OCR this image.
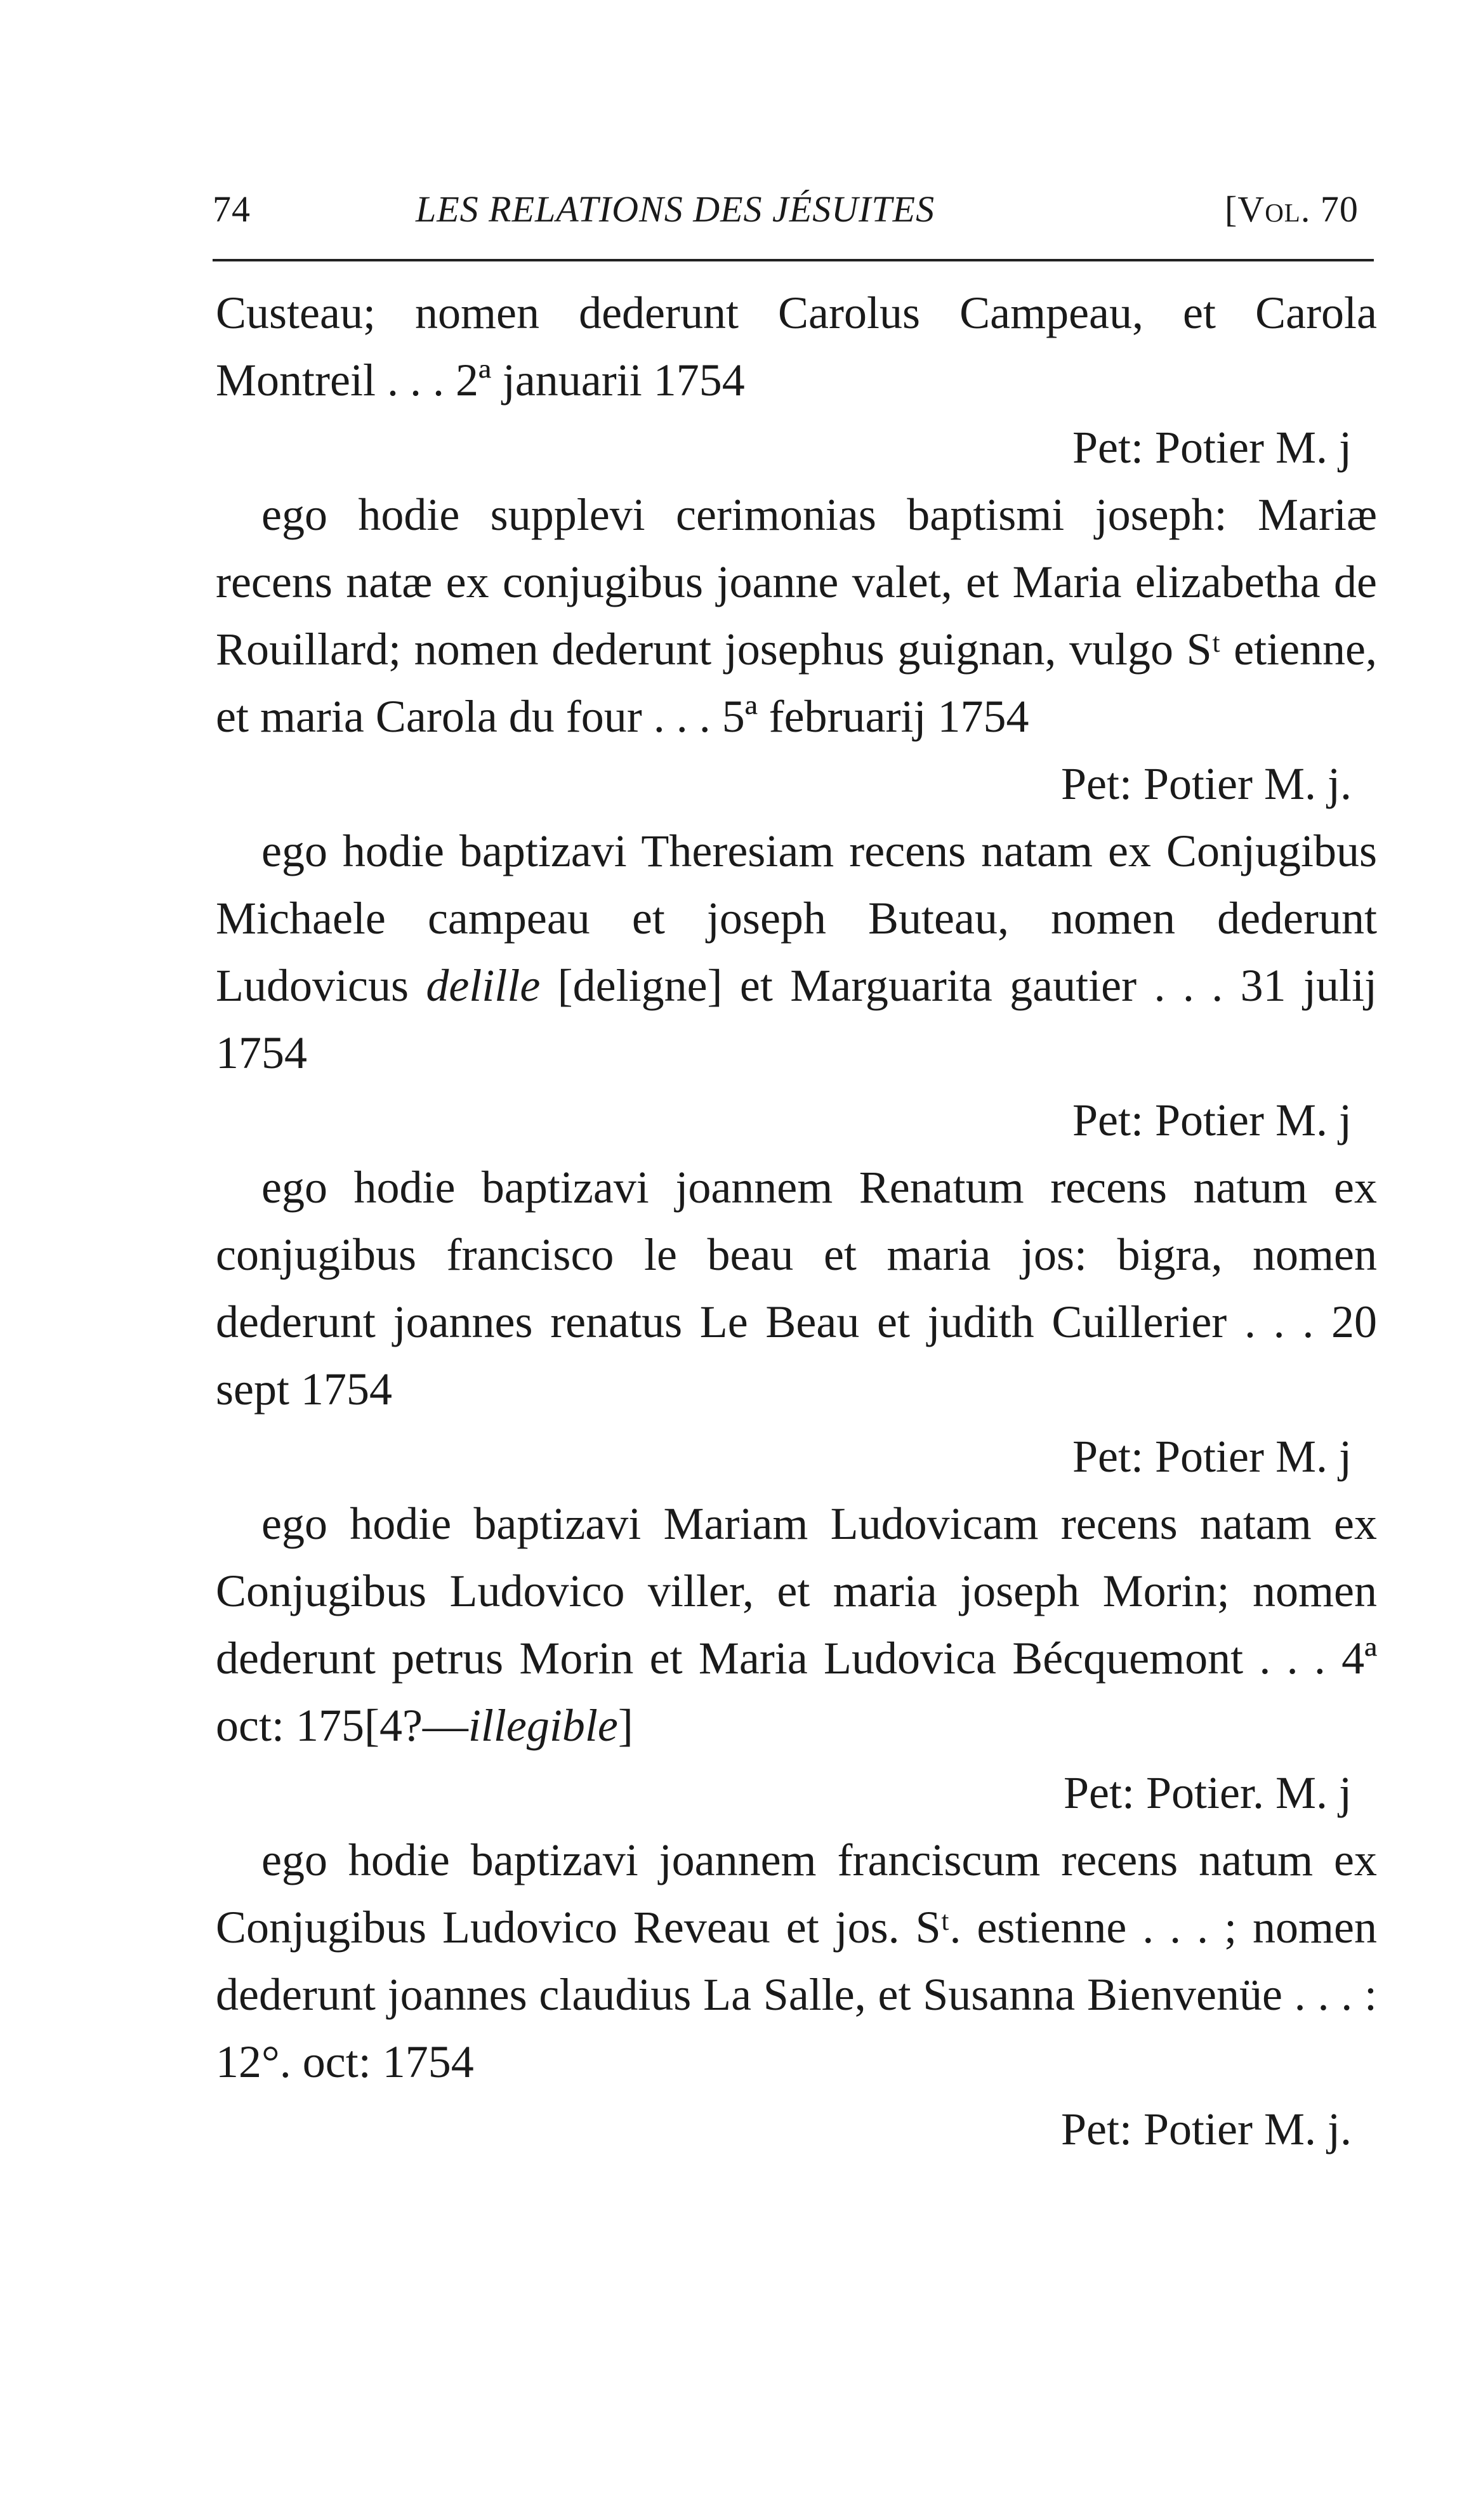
74	LES RELATIONS DES JÉSUITES	[Vol. 70

Custeau; nomen dederunt Carolus Campeau, et Carola Montreil . . . 2ª januarii 1754

Pet: Potier M. j

ego hodie supplevi cerimonias baptismi joseph: Mariæ recens natæ ex conjugibus joanne valet, et Maria elizabetha de Rouillard; nomen dederunt josephus guignan, vulgo Sᵗ etienne, et maria Carola du four . . . 5ª februarij 1754

Pet: Potier M. j.

ego hodie baptizavi Theresiam recens natam ex Conjugibus Michaele campeau et joseph Buteau, nomen dederunt Ludovicus delille [deligne] et Marguarita gautier . . . 31 julij 1754

Pet: Potier M. j

ego hodie baptizavi joannem Renatum recens natum ex conjugibus francisco le beau et maria jos: bigra, nomen dederunt joannes renatus Le Beau et judith Cuillerier . . . 20 sept 1754

Pet: Potier M. j

ego hodie baptizavi Mariam Ludovicam recens natam ex Conjugibus Ludovico viller, et maria joseph Morin; nomen dederunt petrus Morin et Maria Ludovica Bécquemont . . . 4ª oct: 175[4?—illegible]

Pet: Potier. M. j

ego hodie baptizavi joannem franciscum recens natum ex Conjugibus Ludovico Reveau et jos. Sᵗ. estienne . . . ; nomen dederunt joannes claudius La Salle, et Susanna Bienvenüe . . . : 12°. oct: 1754

Pet: Potier M. j.
